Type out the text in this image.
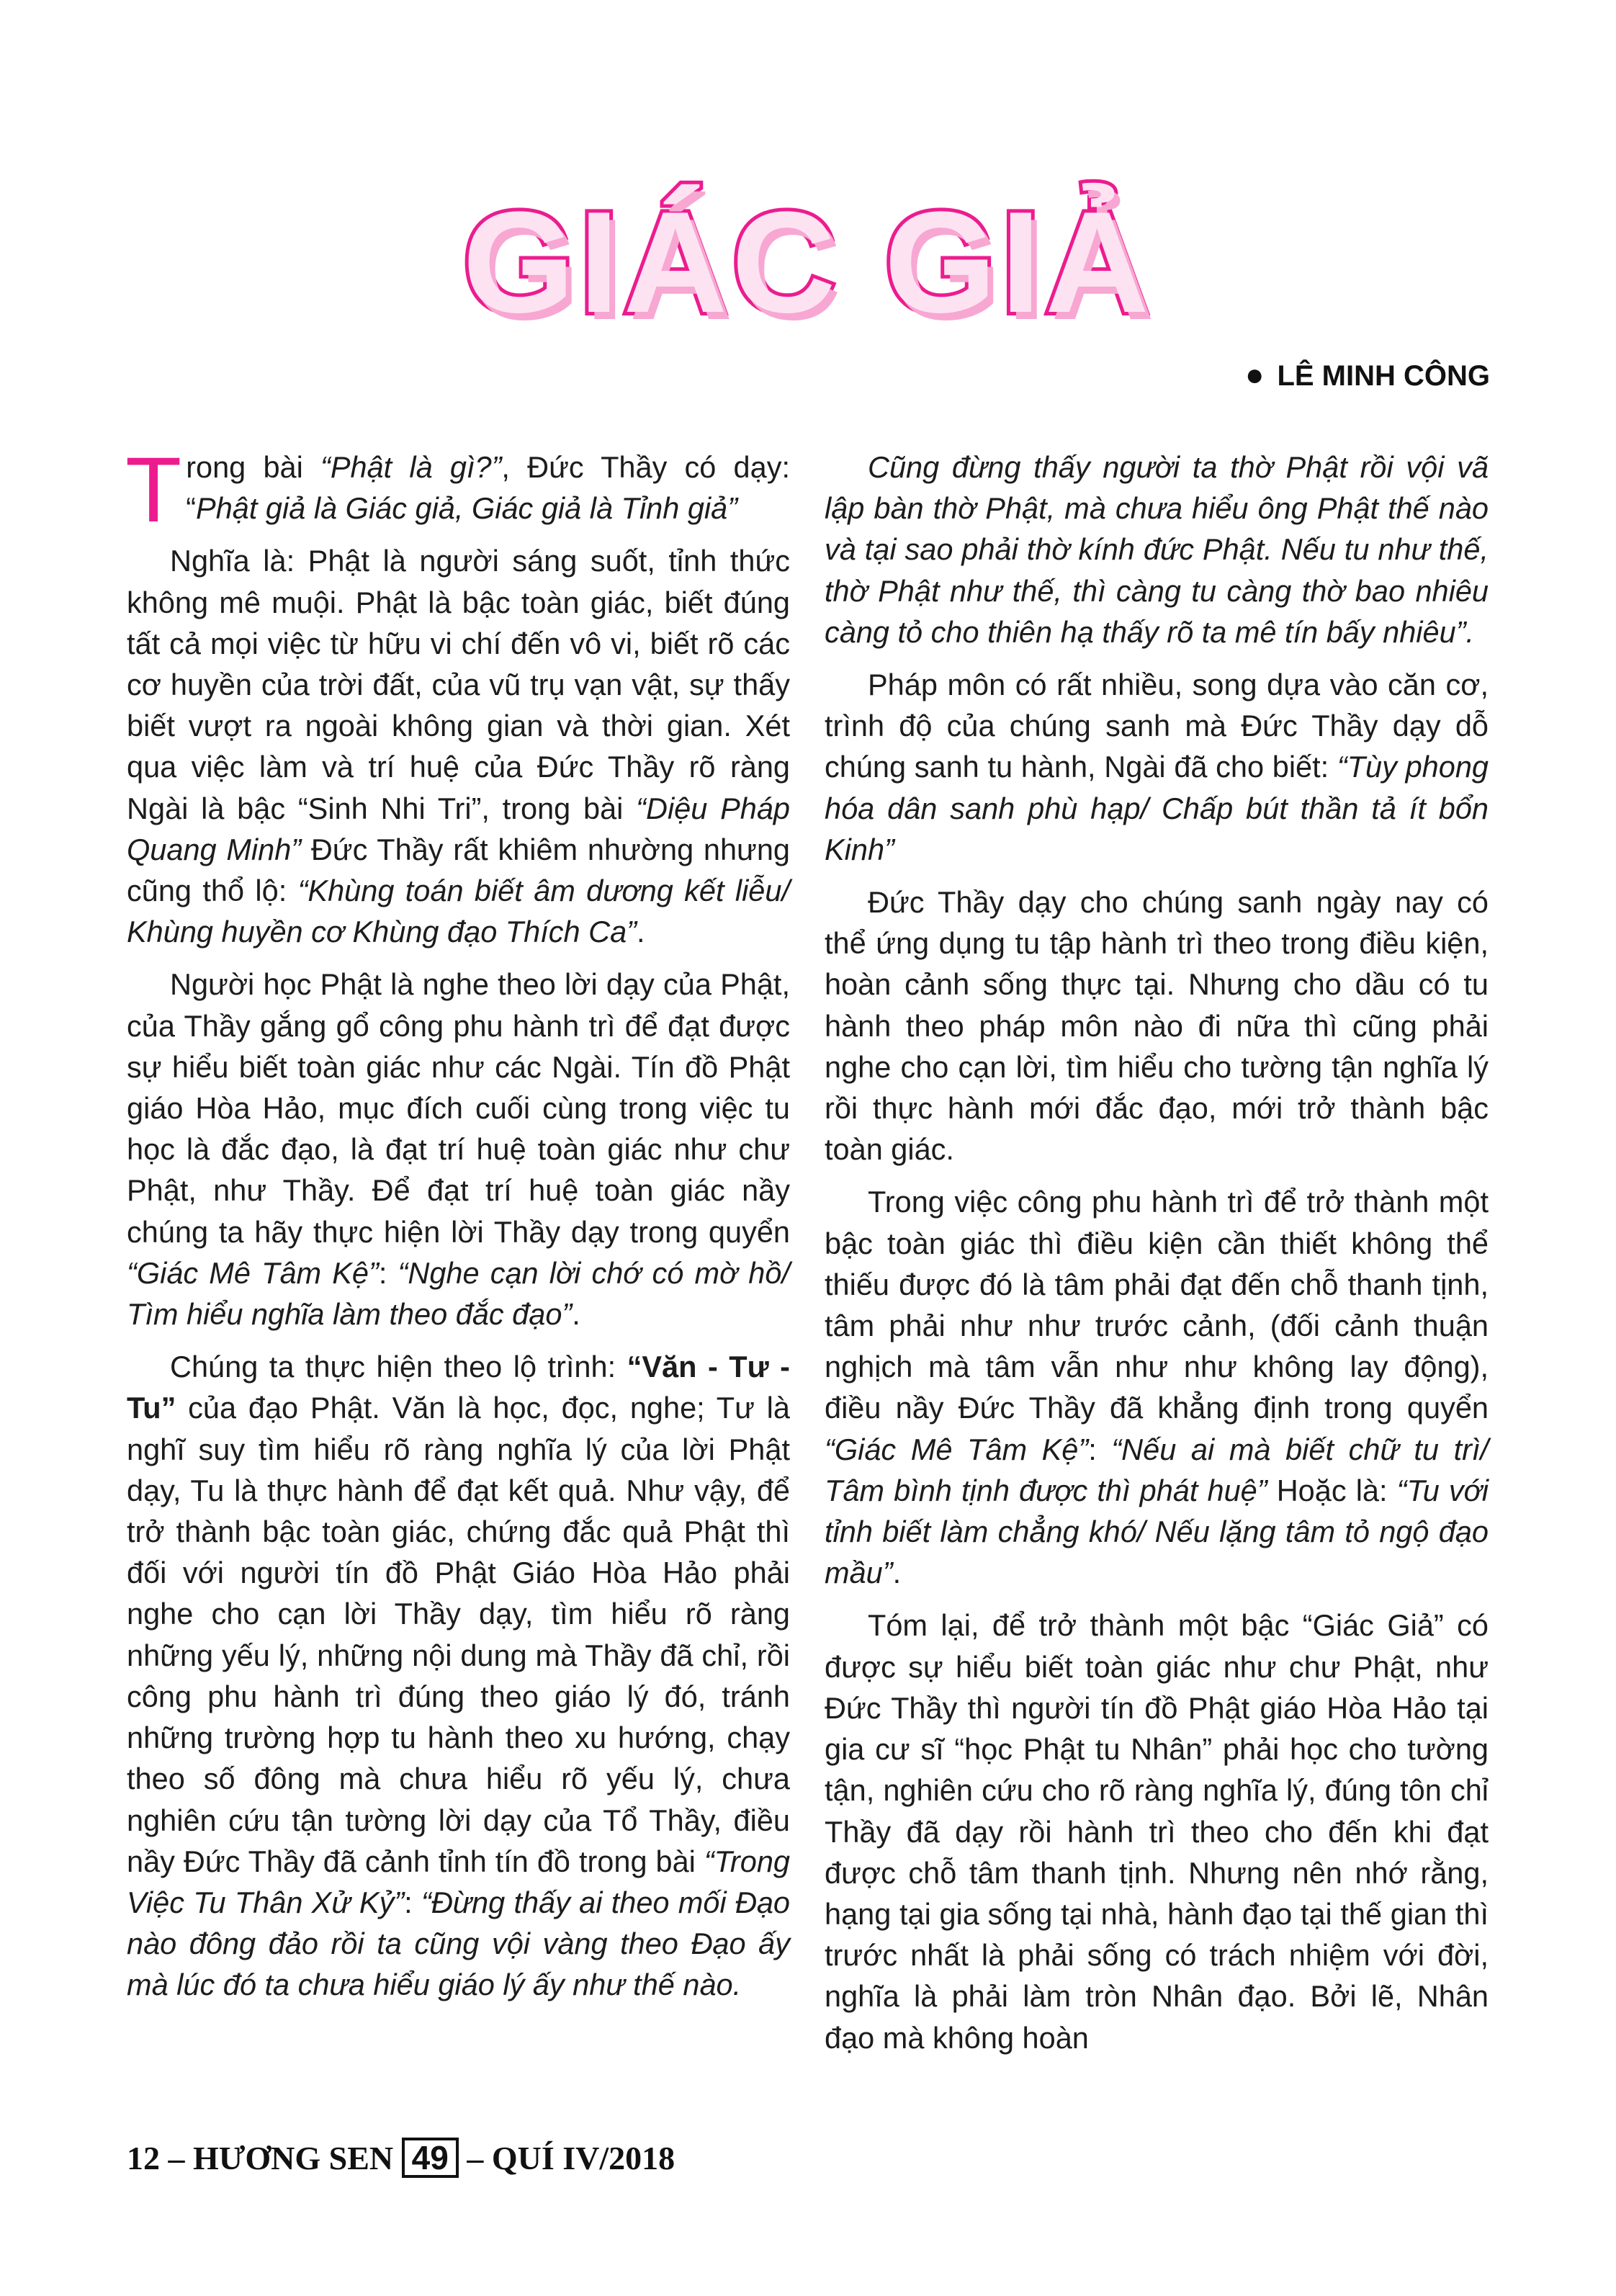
GIÁC GIẢ
● LÊ MINH CÔNG

Trong bài “Phật là gì?”, Đức Thầy có dạy: “Phật giả là Giác giả, Giác giả là Tỉnh giả”

Nghĩa là: Phật là người sáng suốt, tỉnh thức không mê muội. Phật là bậc toàn giác, biết đúng tất cả mọi việc từ hữu vi chí đến vô vi, biết rõ các cơ huyền của trời đất, của vũ trụ vạn vật, sự thấy biết vượt ra ngoài không gian và thời gian. Xét qua việc làm và trí huệ của Đức Thầy rõ ràng Ngài là bậc “Sinh Nhi Tri”, trong bài “Diệu Pháp Quang Minh” Đức Thầy rất khiêm nhường nhưng cũng thổ lộ: “Khùng toán biết âm dương kết liễu/ Khùng huyền cơ Khùng đạo Thích Ca”.

Người học Phật là nghe theo lời dạy của Phật, của Thầy gắng gổ công phu hành trì để đạt được sự hiểu biết toàn giác như các Ngài. Tín đồ Phật giáo Hòa Hảo, mục đích cuối cùng trong việc tu học là đắc đạo, là đạt trí huệ toàn giác như chư Phật, như Thầy. Để đạt trí huệ toàn giác nầy chúng ta hãy thực hiện lời Thầy dạy trong quyển “Giác Mê Tâm Kệ”: “Nghe cạn lời chớ có mờ hồ/ Tìm hiểu nghĩa làm theo đắc đạo”.

Chúng ta thực hiện theo lộ trình: “Văn - Tư - Tu” của đạo Phật. Văn là học, đọc, nghe; Tư là nghĩ suy tìm hiểu rõ ràng nghĩa lý của lời Phật dạy, Tu là thực hành để đạt kết quả. Như vậy, để trở thành bậc toàn giác, chứng đắc quả Phật thì đối với người tín đồ Phật Giáo Hòa Hảo phải nghe cho cạn lời Thầy dạy, tìm hiểu rõ ràng những yếu lý, những nội dung mà Thầy đã chỉ, rồi công phu hành trì đúng theo giáo lý đó, tránh những trường hợp tu hành theo xu hướng, chạy theo số đông mà chưa hiểu rõ yếu lý, chưa nghiên cứu tận tường lời dạy của Tổ Thầy, điều nầy Đức Thầy đã cảnh tỉnh tín đồ trong bài “Trong Việc Tu Thân Xử Kỷ”: “Đừng thấy ai theo mối Đạo nào đông đảo rồi ta cũng vội vàng theo Đạo ấy mà lúc đó ta chưa hiểu giáo lý ấy như thế nào.

Cũng đừng thấy người ta thờ Phật rồi vội vã lập bàn thờ Phật, mà chưa hiểu ông Phật thế nào và tại sao phải thờ kính đức Phật. Nếu tu như thế, thờ Phật như thế, thì càng tu càng thờ bao nhiêu càng tỏ cho thiên hạ thấy rõ ta mê tín bấy nhiêu”.

Pháp môn có rất nhiều, song dựa vào căn cơ, trình độ của chúng sanh mà Đức Thầy dạy dỗ chúng sanh tu hành, Ngài đã cho biết: “Tùy phong hóa dân sanh phù hạp/ Chấp bút thần tả ít bổn Kinh”

Đức Thầy dạy cho chúng sanh ngày nay có thể ứng dụng tu tập hành trì theo trong điều kiện, hoàn cảnh sống thực tại. Nhưng cho dầu có tu hành theo pháp môn nào đi nữa thì cũng phải nghe cho cạn lời, tìm hiểu cho tường tận nghĩa lý rồi thực hành mới đắc đạo, mới trở thành bậc toàn giác.

Trong việc công phu hành trì để trở thành một bậc toàn giác thì điều kiện cần thiết không thể thiếu được đó là tâm phải đạt đến chỗ thanh tịnh, tâm phải như như trước cảnh, (đối cảnh thuận nghịch mà tâm vẫn như như không lay động), điều nầy Đức Thầy đã khẳng định trong quyển “Giác Mê Tâm Kệ”: “Nếu ai mà biết chữ tu trì/ Tâm bình tịnh được thì phát huệ” Hoặc là: “Tu với tỉnh biết làm chẳng khó/ Nếu lặng tâm tỏ ngộ đạo mầu”.

Tóm lại, để trở thành một bậc “Giác Giả” có được sự hiểu biết toàn giác như chư Phật, như Đức Thầy thì người tín đồ Phật giáo Hòa Hảo tại gia cư sĩ “học Phật tu Nhân” phải học cho tường tận, nghiên cứu cho rõ ràng nghĩa lý, đúng tôn chỉ Thầy đã dạy rồi hành trì theo cho đến khi đạt được chỗ tâm thanh tịnh. Nhưng nên nhớ rằng, hạng tại gia sống tại nhà, hành đạo tại thế gian thì trước nhất là phải sống có trách nhiệm với đời, nghĩa là phải làm tròn Nhân đạo. Bởi lẽ, Nhân đạo mà không hoàn

12 – HƯƠNG SEN 49 – QUÍ IV/2018
